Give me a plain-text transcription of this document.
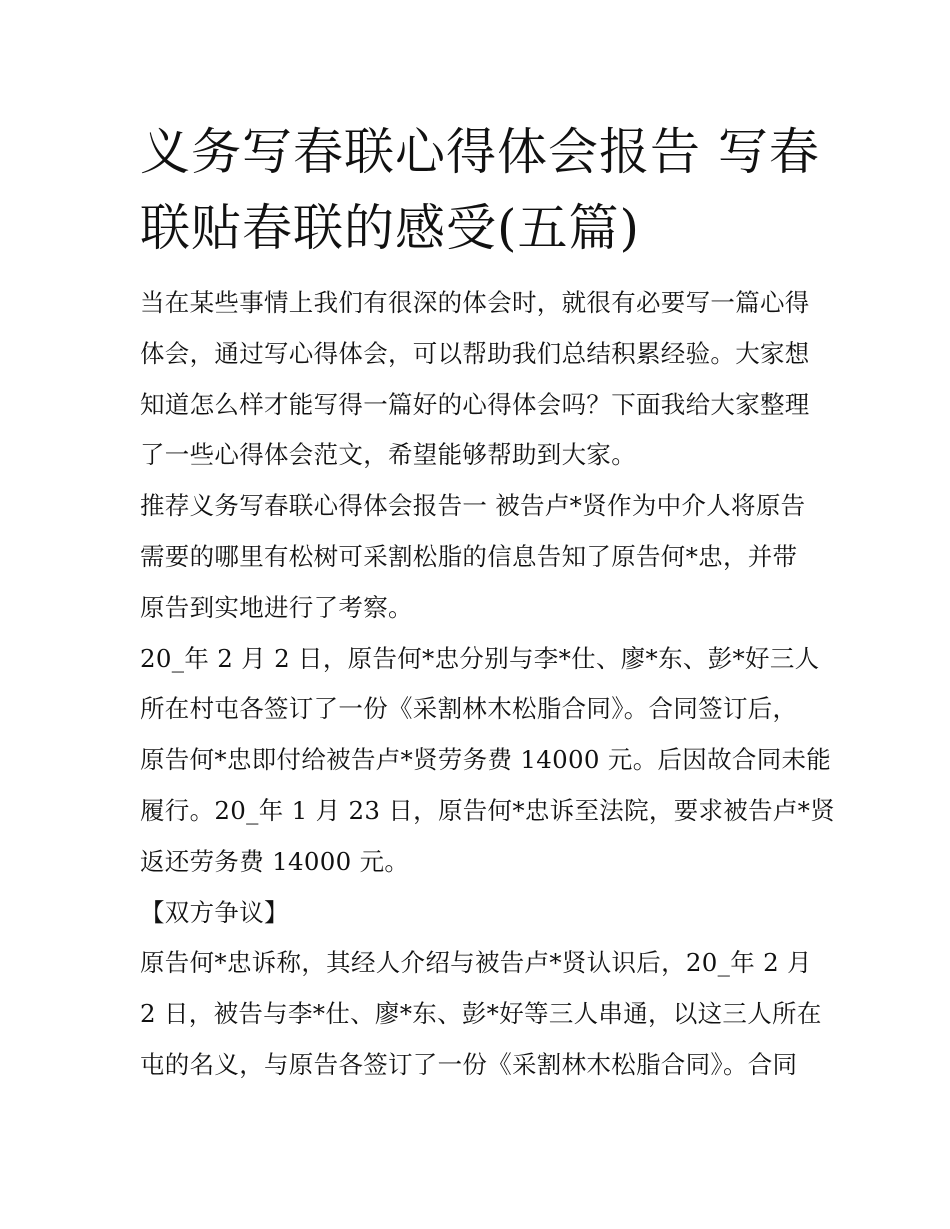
义务写春联心得体会报告 写春
联贴春联的感受(五篇)
当在某些事情上我们有很深的体会时，就很有必要写一篇心得
体会，通过写心得体会，可以帮助我们总结积累经验。大家想
知道怎么样才能写得一篇好的心得体会吗？下面我给大家整理
了一些心得体会范文，希望能够帮助到大家。
推荐义务写春联心得体会报告一 被告卢*贤作为中介人将原告
需要的哪里有松树可采割松脂的信息告知了原告何*忠，并带
原告到实地进行了考察。
20_年 2 月 2 日，原告何*忠分别与李*仕、廖*东、彭*好三人
所在村屯各签订了一份《采割林木松脂合同》。合同签订后，
原告何*忠即付给被告卢*贤劳务费 14000 元。后因故合同未能
履行。20_年 1 月 23 日，原告何*忠诉至法院，要求被告卢*贤
返还劳务费 14000 元。
【双方争议】
原告何*忠诉称，其经人介绍与被告卢*贤认识后，20_年 2 月
2 日，被告与李*仕、廖*东、彭*好等三人串通，以这三人所在
屯的名义，与原告各签订了一份《采割林木松脂合同》。合同
